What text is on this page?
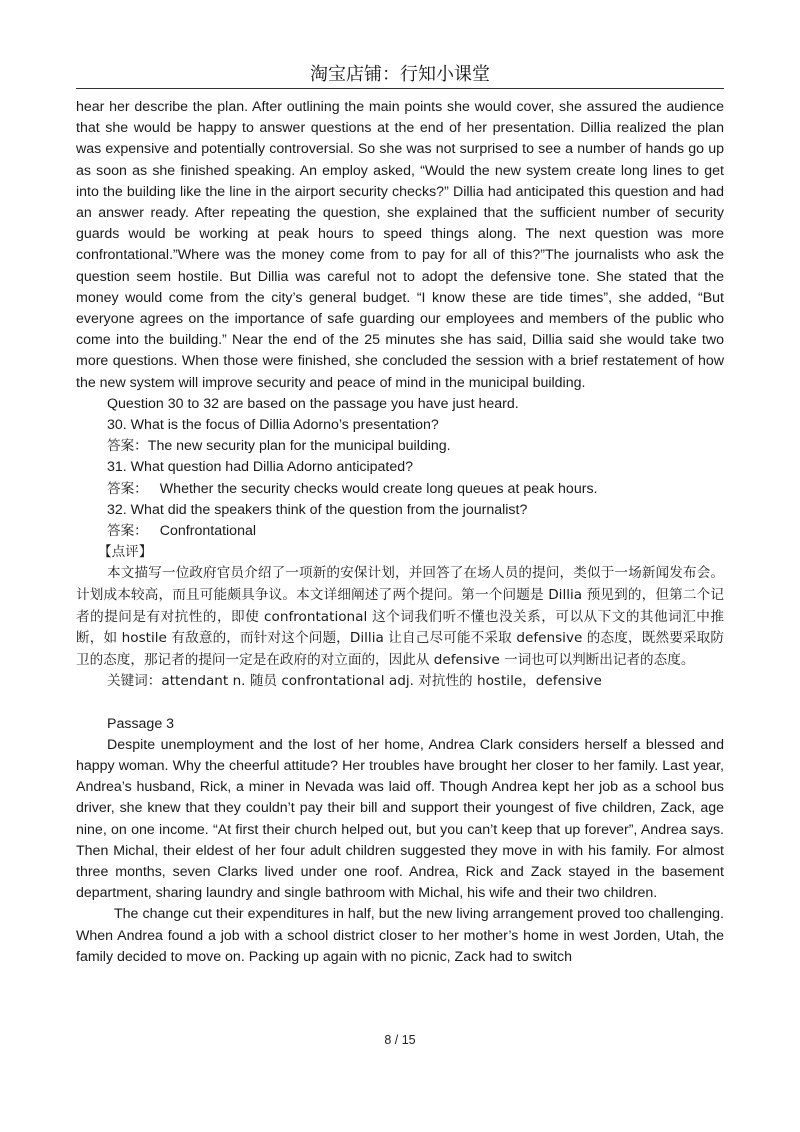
淘宝店铺：行知小课堂

hear her describe the plan. After outlining the main points she would cover, she assured the audience that she would be happy to answer questions at the end of her presentation. Dillia realized the plan was expensive and potentially controversial. So she was not surprised to see a number of hands go up as soon as she finished speaking. An employ asked, “Would the new system create long lines to get into the building like the line in the airport security checks?” Dillia had anticipated this question and had an answer ready. After repeating the question, she explained that the sufficient number of security guards would be working at peak hours to speed things along. The next question was more confrontational.”Where was the money come from to pay for all of this?”The journalists who ask the question seem hostile. But Dillia was careful not to adopt the defensive tone. She stated that the money would come from the city’s general budget. “I know these are tide times”, she added, “But everyone agrees on the importance of safe guarding our employees and members of the public who come into the building.” Near the end of the 25 minutes she has said, Dillia said she would take two more questions. When those were finished, she concluded the session with a brief restatement of how the new system will improve security and peace of mind in the municipal building.

Question 30 to 32 are based on the passage you have just heard.

30. What is the focus of Dillia Adorno’s presentation?

答案：The new security plan for the municipal building.

31. What question had Dillia Adorno anticipated?

答案： Whether the security checks would create long queues at peak hours.

32. What did the speakers think of the question from the journalist?

答案： Confrontational

【点评】

本文描写一位政府官员介绍了一项新的安保计划，并回答了在场人员的提问，类似于一场新闻发布会。计划成本较高，而且可能颇具争议。本文详细阐述了两个提问。第一个问题是 Dillia 预见到的，但第二个记者的提问是有对抗性的，即使 confrontational 这个词我们听不懂也没关系，可以从下文的其他词汇中推断，如 hostile 有敌意的，而针对这个问题，Dillia 让自己尽可能不采取 defensive 的态度，既然要采取防卫的态度，那记者的提问一定是在政府的对立面的，因此从 defensive 一词也可以判断出记者的态度。

关键词：attendant n. 随员 confrontational adj. 对抗性的 hostile，defensive

Passage 3

Despite unemployment and the lost of her home, Andrea Clark considers herself a blessed and happy woman. Why the cheerful attitude? Her troubles have brought her closer to her family. Last year, Andrea’s husband, Rick, a miner in Nevada was laid off. Though Andrea kept her job as a school bus driver, she knew that they couldn’t pay their bill and support their youngest of five children, Zack, age nine, on one income. “At first their church helped out, but you can’t keep that up forever”, Andrea says. Then Michal, their eldest of her four adult children suggested they move in with his family. For almost three months, seven Clarks lived under one roof. Andrea, Rick and Zack stayed in the basement department, sharing laundry and single bathroom with Michal, his wife and their two children.

The change cut their expenditures in half, but the new living arrangement proved too challenging. When Andrea found a job with a school district closer to her mother’s home in west Jorden, Utah, the family decided to move on. Packing up again with no picnic, Zack had to switch

8 / 15
